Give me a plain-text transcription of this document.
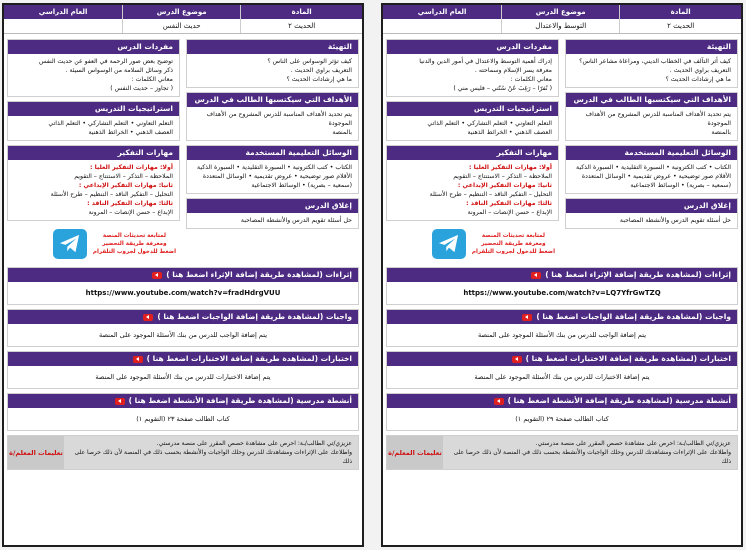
المادة
الحديث ٢
موضوع الدرس
التوسط والاعتدال
العام الدراسي
التهيئة
كيف أثر التآلف في الخطاب الديني، ومراعاة مشاعر الناس؟
التعريف براوي الحديث .
ما هي إرشادات الحديث ؟
الأهداف التي سيكتسبها الطالب في الدرس
يتم تحديد الأهداف المناسبة للدرس المشروح من الأهداف الموجودة
بالمنصة
الوسائل التعليمية المستخدمة
الكتاب • كتب الكترونية • السبورة التقليدية • السبورة الذكية
الأقلام صور توضيحية • عروض تقديمية • الوسائل المتعددة
(سمعية – بصرية) • الوسائط الاجتماعية
إغلاق الدرس
حل أسئلة تقويم الدرس والأنشطة المصاحبة
مفردات الدرس
إدراك أهمية التوسط والاعتدال في أمور الدين والدنيا
معرفة يسر الإسلام وسماحته .
معاني الكلمات :
( نُفرّا – رَغِبَ عَنْ سُنّتي – فليس مني )
استراتيجيات التدريس
التعلم التعاوني • التعلم التشاركي • التعلم الذاتي
العصف الذهني • الخرائط الذهنية
مهارات التفكير
أولا: مهارات التفكير العليا :
الملاحظة – التذكر – الاستنتاج – التقويم
ثانيا: مهارات التفكير الإبداعي :
التحليل – التفكير الناقد – التنظيم – طرح الأسئلة
ثالثا: مهارات التفكير الناقد :
الإبداع – حسن الإنصات – المرونة
لمتابعة تحديثات المنصة
ومعرفة طريقة التحضير
اضغط للدخول لجروب التلقرام
إثراءات (لمشاهدة طريقة إضافة الإثراء اضغط هنا )
https://www.youtube.com/watch?v=LQ7YfrGwTZQ
واجبات (لمشاهدة طريقة إضافة الواجبات اضغط هنا )
يتم إضافة الواجب للدرس من بنك الأسئلة الموجود على المنصة
اختبارات (لمشاهدة طريقة إضافة الاختبارات اضغط هنا )
يتم إضافة الاختبارات للدرس من بنك الأسئلة الموجود على المنصة
أنشطة مدرسية (لمشاهدة طريقة إضافة الأنشطة اضغط هنا )
كتاب الطالب صفحة ٢٩ (التقويم ١)
عزيزي/تي الطالب/ـة: احرص على مشاهدة حصص المقرر على منصة مدرستي.
واطلاعك على الإثراءات ومشاهدتك للدرس وحلك الواجبات والأنشطة بحسب ذلك في المنصة لأن ذلك حرصا على ذلك
تعليمات المعلم/ة
المادة
الحديث ٢
موضوع الدرس
حديث النفس
العام الدراسي
التهيئة
كيف تؤثر الوسواس على الناس ؟
التعريف براوي الحديث .
ما هي إرشادات الحديث ؟
الأهداف التي سيكتسبها الطالب في الدرس
يتم تحديد الأهداف المناسبة للدرس المشروح من الأهداف الموجودة
بالمنصة
الوسائل التعليمية المستخدمة
الكتاب • كتب الكترونية • السبورة التقليدية • السبورة الذكية
الأقلام صور توضيحية • عروض تقديمية • الوسائل المتعددة
(سمعية – بصرية) • الوسائط الاجتماعية
إغلاق الدرس
حل أسئلة تقويم الدرس والأنشطة المصاحبة
مفردات الدرس
توضيح بعض صور الرحمة في العفو عن حديث النفس
ذكر وسائل السلامة من الوسواس السيئة .
معاني الكلمات :
( تجاوز – حديث النفس )
استراتيجيات التدريس
التعلم التعاوني • التعلم التشاركي • التعلم الذاتي
العصف الذهني • الخرائط الذهنية
مهارات التفكير
أولا: مهارات التفكير العليا :
الملاحظة – التذكر – الاستنتاج – التقويم
ثانيا: مهارات التفكير الإبداعي :
التحليل – التفكير الناقد – التنظيم – طرح الأسئلة
ثالثا: مهارات التفكير الناقد :
الإبداع – حسن الإنصات – المرونة
لمتابعة تحديثات المنصة
ومعرفة طريقة التحضير
اضغط للدخول لجروب التلقرام
إثراءات (لمشاهدة طريقة إضافة الإثراء اضغط هنا )
https://www.youtube.com/watch?v=fradHdrgVUU
واجبات (لمشاهدة طريقة إضافة الواجبات اضغط هنا )
يتم إضافة الواجب للدرس من بنك الأسئلة الموجود على المنصة
اختبارات (لمشاهدة طريقة إضافة الاختبارات اضغط هنا )
يتم إضافة الاختبارات للدرس من بنك الأسئلة الموجود على المنصة
أنشطة مدرسية (لمشاهدة طريقة إضافة الأنشطة اضغط هنا )
كتاب الطالب صفحة ٢٣ (التقويم ١)
عزيزي/تي الطالب/ـة: احرص على مشاهدة حصص المقرر على منصة مدرستي.
واطلاعك على الإثراءات ومشاهدتك للدرس وحلك الواجبات والأنشطة بحسب ذلك في المنصة لأن ذلك حرصا على ذلك
تعليمات المعلم/ة
